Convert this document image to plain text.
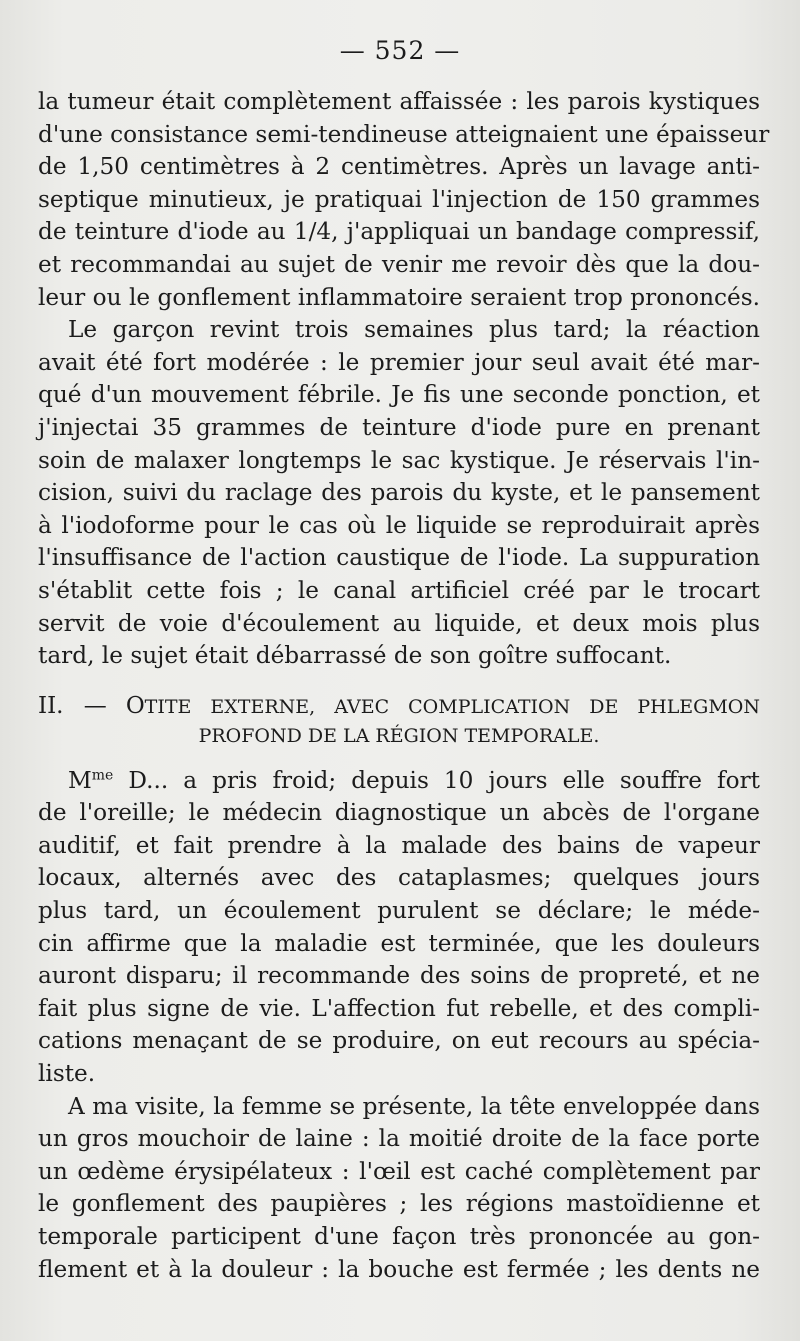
— 552 —
la tumeur était complètement affaissée : les parois kystiques
d'une consistance semi-tendineuse atteignaient une épaisseur
de 1,50 centimètres à 2 centimètres. Après un lavage anti-
septique minutieux, je pratiquai l'injection de 150 grammes
de teinture d'iode au 1/4, j'appliquai un bandage compressif,
et recommandai au sujet de venir me revoir dès que la dou-
leur ou le gonflement inflammatoire seraient trop prononcés.
Le garçon revint trois semaines plus tard; la réaction
avait été fort modérée : le premier jour seul avait été mar-
qué d'un mouvement fébrile. Je fis une seconde ponction, et
j'injectai 35 grammes de teinture d'iode pure en prenant
soin de malaxer longtemps le sac kystique. Je réservais l'in-
cision, suivi du raclage des parois du kyste, et le pansement
à l'iodoforme pour le cas où le liquide se reproduirait après
l'insuffisance de l'action caustique de l'iode. La suppuration
s'établit cette fois ; le canal artificiel créé par le trocart
servit de voie d'écoulement au liquide, et deux mois plus
tard, le sujet était débarrassé de son goître suffocant.
II. — OTITE EXTERNE, AVEC COMPLICATION DE PHLEGMON
PROFOND DE LA RÉGION TEMPORALE.
$M^{me}$ D... a pris froid; depuis 10 jours elle souffre fort
de l'oreille; le médecin diagnostique un abcès de l'organe
auditif, et fait prendre à la malade des bains de vapeur
locaux, alternés avec des cataplasmes; quelques jours
plus tard, un écoulement purulent se déclare; le méde-
cin affirme que la maladie est terminée, que les douleurs
auront disparu; il recommande des soins de propreté, et ne
fait plus signe de vie. L'affection fut rebelle, et des compli-
cations menaçant de se produire, on eut recours au spécia-
liste.
A ma visite, la femme se présente, la tête enveloppée dans
un gros mouchoir de laine : la moitié droite de la face porte
un œdème érysipélateux : l'œil est caché complètement par
le gonflement des paupières ; les régions mastoïdienne et
temporale participent d'une façon très prononcée au gon-
flement et à la douleur : la bouche est fermée ; les dents ne
